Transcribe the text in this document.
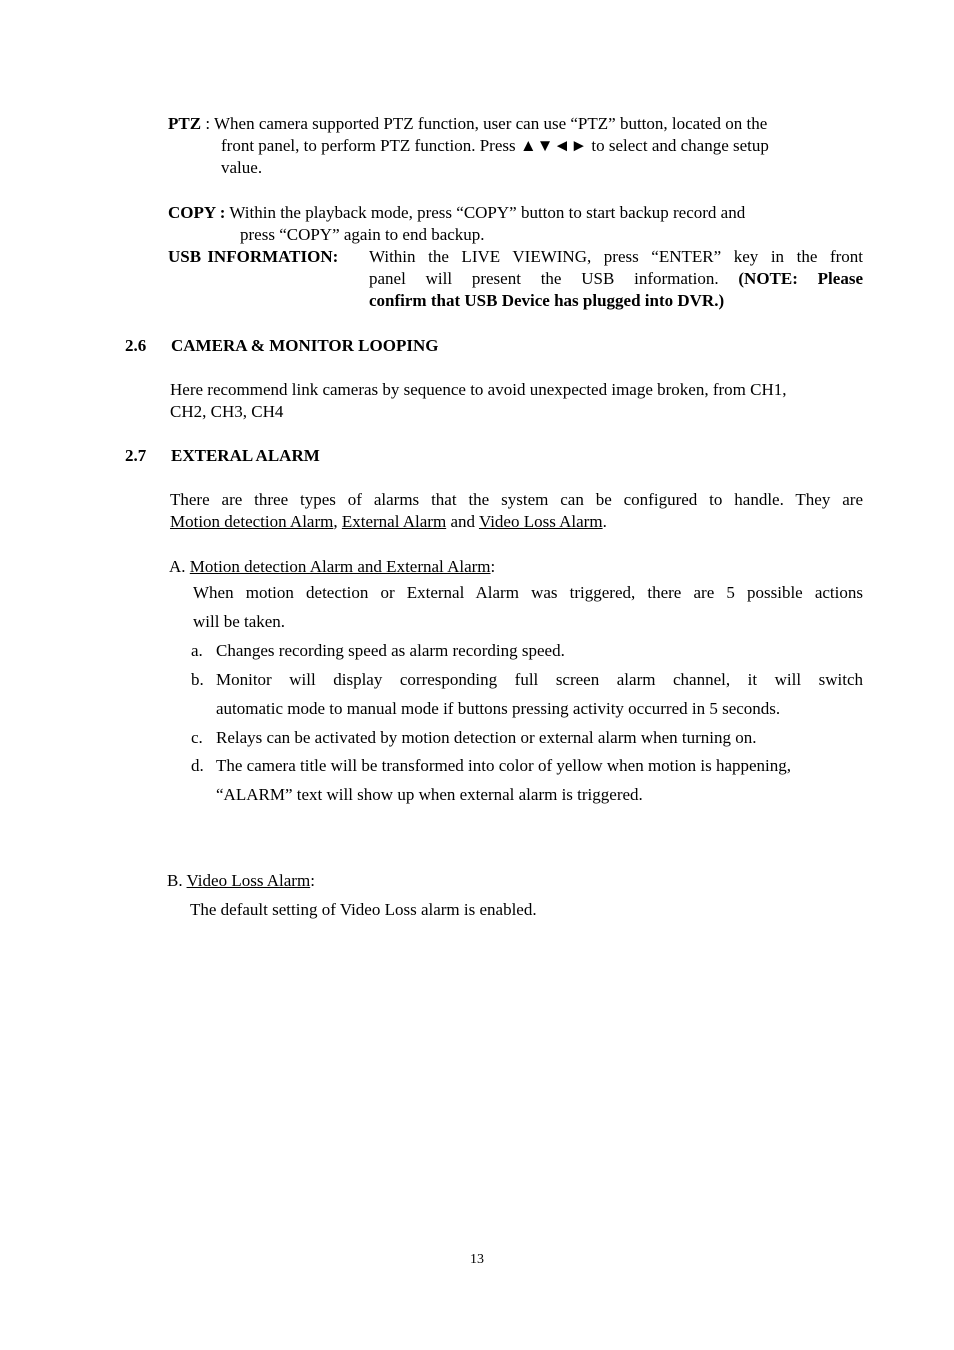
PTZ : When camera supported PTZ function, user can use “PTZ” button, located on the
front panel, to perform PTZ function. Press ▲▼◄► to select and change setup
value.
COPY : Within the playback mode, press “COPY” button to start backup record and
press “COPY” again to end backup.
USB INFORMATION: Within the LIVE VIEWING, press “ENTER” key in the front
panel will present the USB information. (NOTE: Please
confirm that USB Device has plugged into DVR.)
2.6 CAMERA & MONITOR LOOPING
Here recommend link cameras by sequence to avoid unexpected image broken, from CH1,
CH2, CH3, CH4
2.7 EXTERAL ALARM
There are three types of alarms that the system can be configured to handle. They are
Motion detection Alarm, External Alarm and Video Loss Alarm.
A. Motion detection Alarm and External Alarm:
When motion detection or External Alarm was triggered, there are 5 possible actions
will be taken.
a. Changes recording speed as alarm recording speed.
b. Monitor will display corresponding full screen alarm channel, it will switch
automatic mode to manual mode if buttons pressing activity occurred in 5 seconds.
c. Relays can be activated by motion detection or external alarm when turning on.
d. The camera title will be transformed into color of yellow when motion is happening,
“ALARM” text will show up when external alarm is triggered.
B. Video Loss Alarm:
The default setting of Video Loss alarm is enabled.
13
